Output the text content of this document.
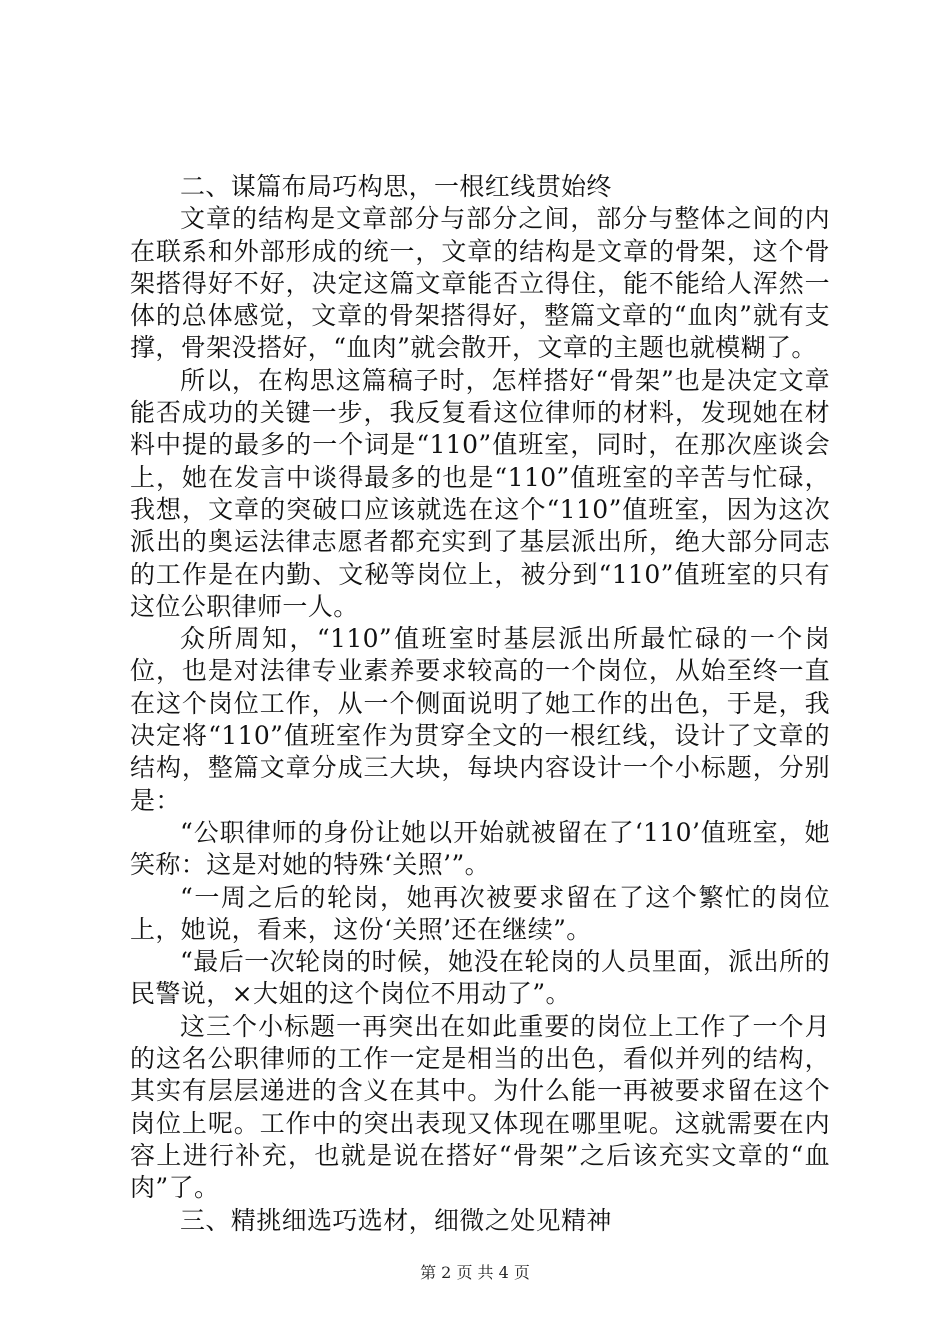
二、谋篇布局巧构思，一根红线贯始终

文章的结构是文章部分与部分之间，部分与整体之间的内在联系和外部形成的统一，文章的结构是文章的骨架，这个骨架搭得好不好，决定这篇文章能否立得住，能不能给人浑然一体的总体感觉，文章的骨架搭得好，整篇文章的“血肉”就有支撑，骨架没搭好，“血肉”就会散开，文章的主题也就模糊了。

所以，在构思这篇稿子时，怎样搭好“骨架”也是决定文章能否成功的关键一步，我反复看这位律师的材料，发现她在材料中提的最多的一个词是“110”值班室，同时，在那次座谈会上，她在发言中谈得最多的也是“110”值班室的辛苦与忙碌，我想，文章的突破口应该就选在这个“110”值班室，因为这次派出的奥运法律志愿者都充实到了基层派出所，绝大部分同志的工作是在内勤、文秘等岗位上，被分到“110”值班室的只有这位公职律师一人。

众所周知，“110”值班室时基层派出所最忙碌的一个岗位，也是对法律专业素养要求较高的一个岗位，从始至终一直在这个岗位工作，从一个侧面说明了她工作的出色，于是，我决定将“110”值班室作为贯穿全文的一根红线，设计了文章的结构，整篇文章分成三大块，每块内容设计一个小标题，分别是：

“公职律师的身份让她以开始就被留在了‘110’值班室，她笑称：这是对她的特殊‘关照’”。

“一周之后的轮岗，她再次被要求留在了这个繁忙的岗位上，她说，看来，这份‘关照’还在继续”。

“最后一次轮岗的时候，她没在轮岗的人员里面，派出所的民警说，×大姐的这个岗位不用动了”。

这三个小标题一再突出在如此重要的岗位上工作了一个月的这名公职律师的工作一定是相当的出色，看似并列的结构，其实有层层递进的含义在其中。为什么能一再被要求留在这个岗位上呢。工作中的突出表现又体现在哪里呢。这就需要在内容上进行补充，也就是说在搭好“骨架”之后该充实文章的“血肉”了。

三、精挑细选巧选材，细微之处见精神

第 2 页 共 4 页
